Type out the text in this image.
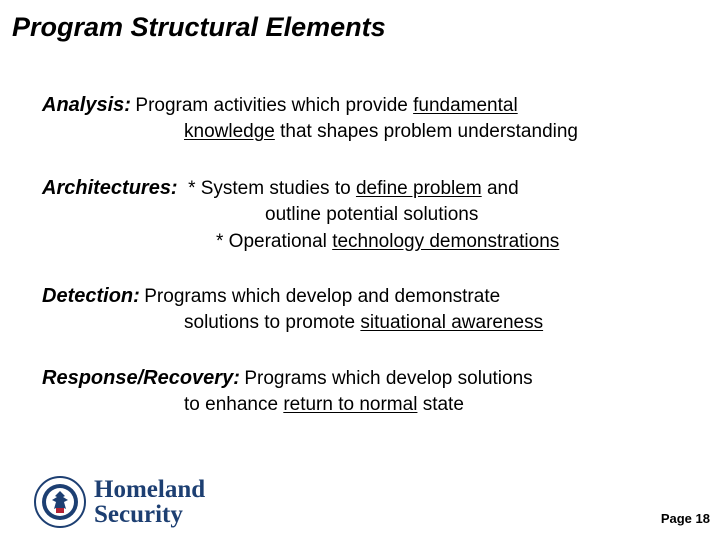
Program Structural Elements
Analysis: Program activities which provide fundamental
knowledge that shapes problem understanding
Architectures: * System studies to define problem and
outline potential solutions
* Operational technology demonstrations
Detection: Programs which develop and demonstrate
solutions to promote situational awareness
Response/Recovery: Programs which develop solutions
to enhance return to normal state
Homeland
Security	Page 18
